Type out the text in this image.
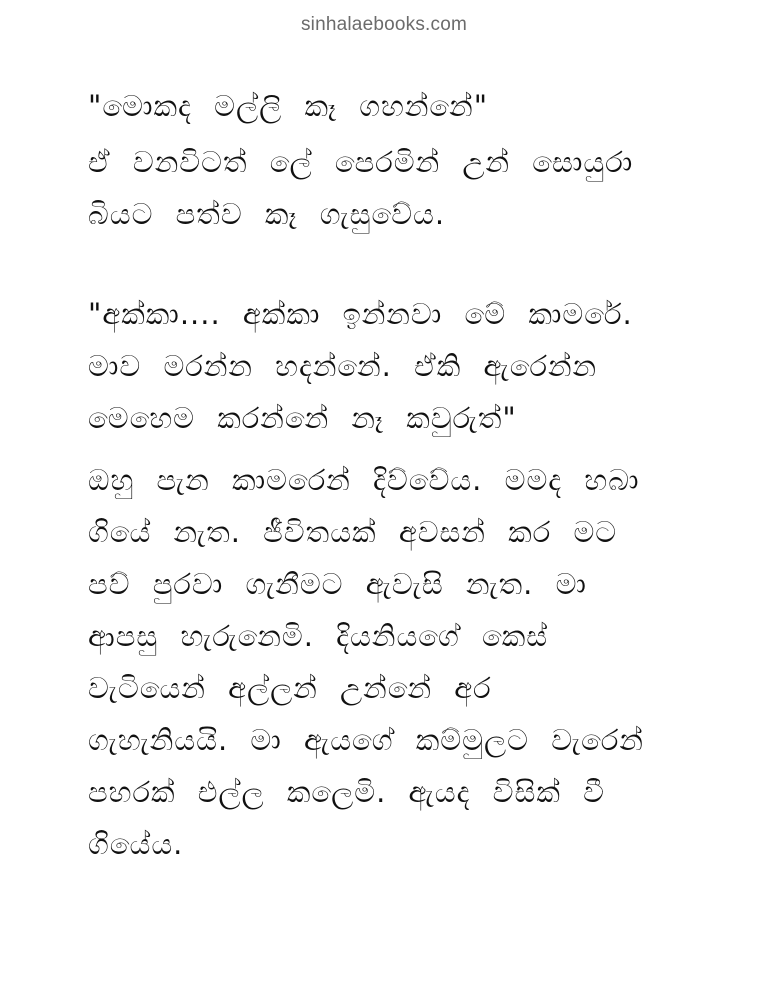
sinhalaebooks.com
"මොකද මල්ලි කෑ ගහන්නේ"
ඒ වනවිටත් ලේ පෙරමින් උන් සොයුරා
බියට පත්ව කෑ ගැසුවේය.
"අක්කා.... අක්කා ඉන්නවා මේ කාමරේ.
මාව මරන්න හදන්නේ. ඒකි ඇරෙන්න
මෙහෙම කරන්නේ නෑ කවුරුත්"
ඔහු පැන කාමරෙන් දිව්වේය. මමද හබා
ගියේ නැත. ජීවිතයක් අවසන් කර මට
පව් පුරවා ගැනීමට ඇවැසි නැත. මා
ආපසු හැරුනෙමි. දියනියගේ කෙස්
වැටියෙන් අල්ලන් උන්නේ අර
ගැහැනියයි. මා ඇයගේ කම්මුලට වැරෙන්
පහරක් එල්ල කලෙමි. ඇයද විසික් වී
ගියේය.
